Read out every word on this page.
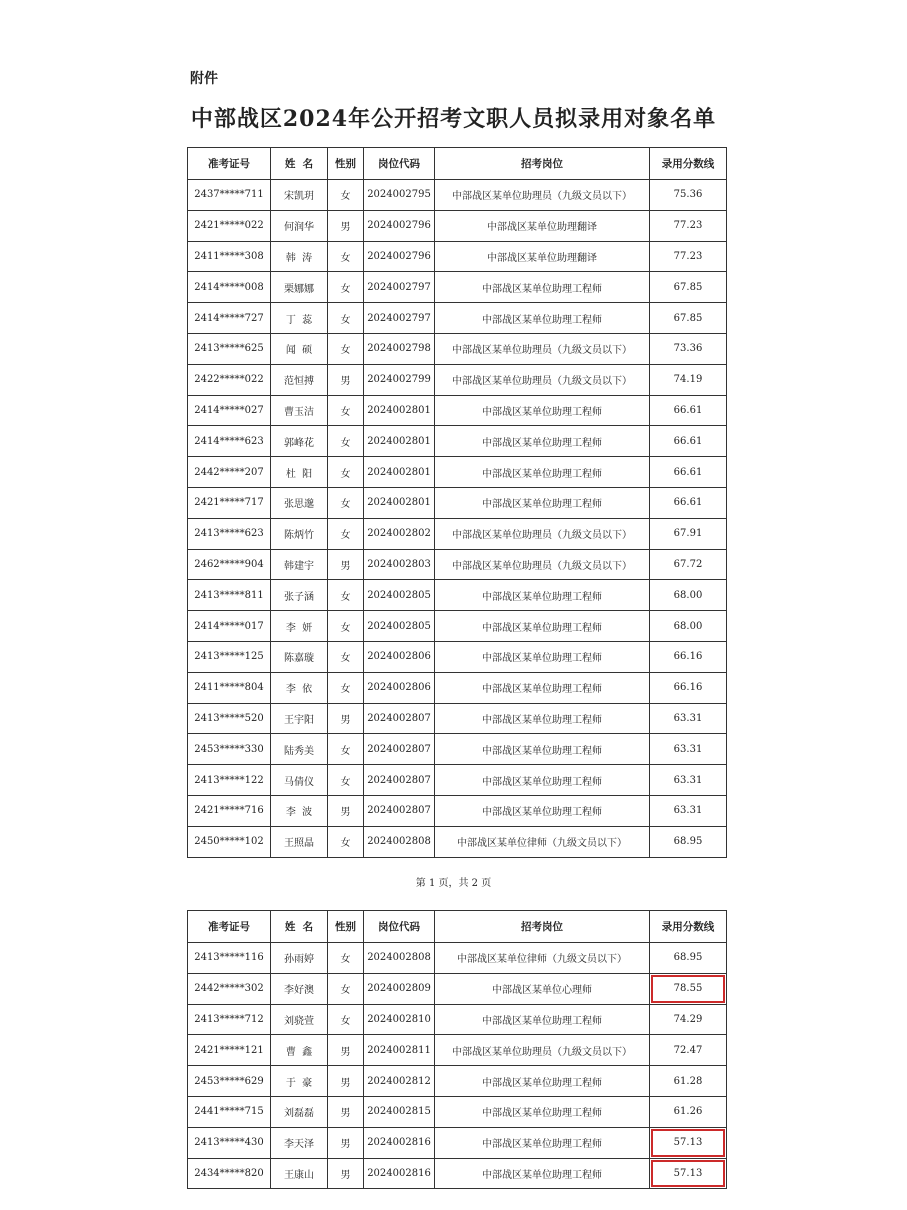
附件
中部战区2024年公开招考文职人员拟录用对象名单
准考证号	姓  名	性别	岗位代码	招考岗位	录用分数线
2437*****711	宋凯玥	女	2024002795	中部战区某单位助理员（九级文员以下）	75.36
2421*****022	何润华	男	2024002796	中部战区某单位助理翻译	77.23
2411*****308	韩  涛	女	2024002796	中部战区某单位助理翻译	77.23
2414*****008	栗娜娜	女	2024002797	中部战区某单位助理工程师	67.85
2414*****727	丁  蕊	女	2024002797	中部战区某单位助理工程师	67.85
2413*****625	闻  硕	女	2024002798	中部战区某单位助理员（九级文员以下）	73.36
2422*****022	范恒搏	男	2024002799	中部战区某单位助理员（九级文员以下）	74.19
2414*****027	曹玉洁	女	2024002801	中部战区某单位助理工程师	66.61
2414*****623	郭峰花	女	2024002801	中部战区某单位助理工程师	66.61
2442*****207	杜  阳	女	2024002801	中部战区某单位助理工程师	66.61
2421*****717	张思邈	女	2024002801	中部战区某单位助理工程师	66.61
2413*****623	陈炳竹	女	2024002802	中部战区某单位助理员（九级文员以下）	67.91
2462*****904	韩建宇	男	2024002803	中部战区某单位助理员（九级文员以下）	67.72
2413*****811	张子涵	女	2024002805	中部战区某单位助理工程师	68.00
2414*****017	李  妍	女	2024002805	中部战区某单位助理工程师	68.00
2413*****125	陈嘉璇	女	2024002806	中部战区某单位助理工程师	66.16
2411*****804	李  依	女	2024002806	中部战区某单位助理工程师	66.16
2413*****520	王宇阳	男	2024002807	中部战区某单位助理工程师	63.31
2453*****330	陆秀美	女	2024002807	中部战区某单位助理工程师	63.31
2413*****122	马倩仪	女	2024002807	中部战区某单位助理工程师	63.31
2421*****716	李  波	男	2024002807	中部战区某单位助理工程师	63.31
2450*****102	王照晶	女	2024002808	中部战区某单位律师（九级文员以下）	68.95
第 1 页，共 2 页
准考证号	姓  名	性别	岗位代码	招考岗位	录用分数线
2413*****116	孙雨婷	女	2024002808	中部战区某单位律师（九级文员以下）	68.95
2442*****302	李好澳	女	2024002809	中部战区某单位心理师	78.55

2413*****712	刘骁萱	女	2024002810	中部战区某单位助理工程师	74.29
2421*****121	曹  鑫	男	2024002811	中部战区某单位助理员（九级文员以下）	72.47
2453*****629	于  豪	男	2024002812	中部战区某单位助理工程师	61.28
2441*****715	刘磊磊	男	2024002815	中部战区某单位助理工程师	61.26
2413*****430	李天泽	男	2024002816	中部战区某单位助理工程师	57.13

2434*****820	王康山	男	2024002816	中部战区某单位助理工程师	57.13
